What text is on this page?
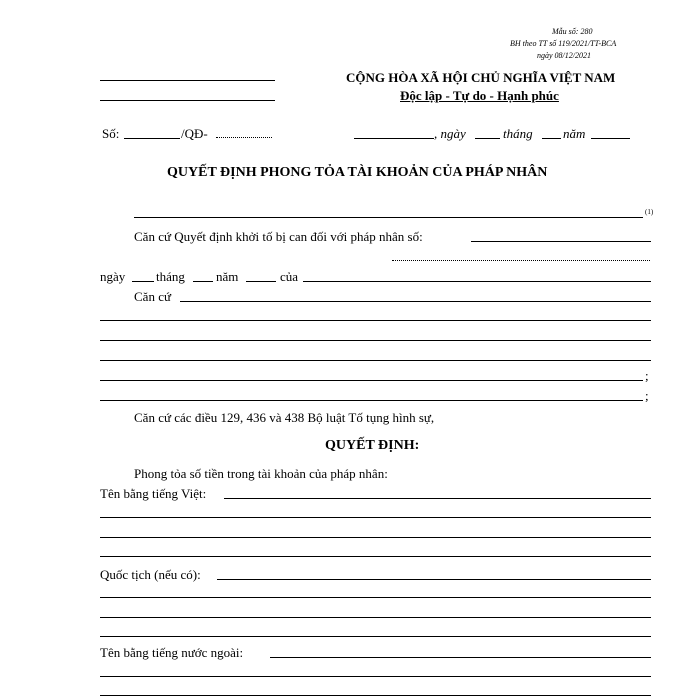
Mẫu số: 280
BH theo TT số 119/2021/TT-BCA
ngày 08/12/2021
CỘNG HÒA XÃ HỘI CHỦ NGHĨA VIỆT NAM
Độc lập - Tự do - Hạnh phúc
Số:	/QĐ-	, ngày	tháng năm
QUYẾT ĐỊNH PHONG TỎA TÀI KHOẢN CỦA PHÁP NHÂN
(1)
Căn cứ Quyết định khởi tố bị can đối với pháp nhân số:
ngày tháng năm	của
Căn cứ
;
;
Căn cứ các điều 129, 436 và 438 Bộ luật Tố tụng hình sự,
QUYẾT ĐỊNH:
Phong tỏa số tiền trong tài khoản của pháp nhân:
Tên bằng tiếng Việt:
Quốc tịch (nếu có):
Tên bằng tiếng nước ngoài:
